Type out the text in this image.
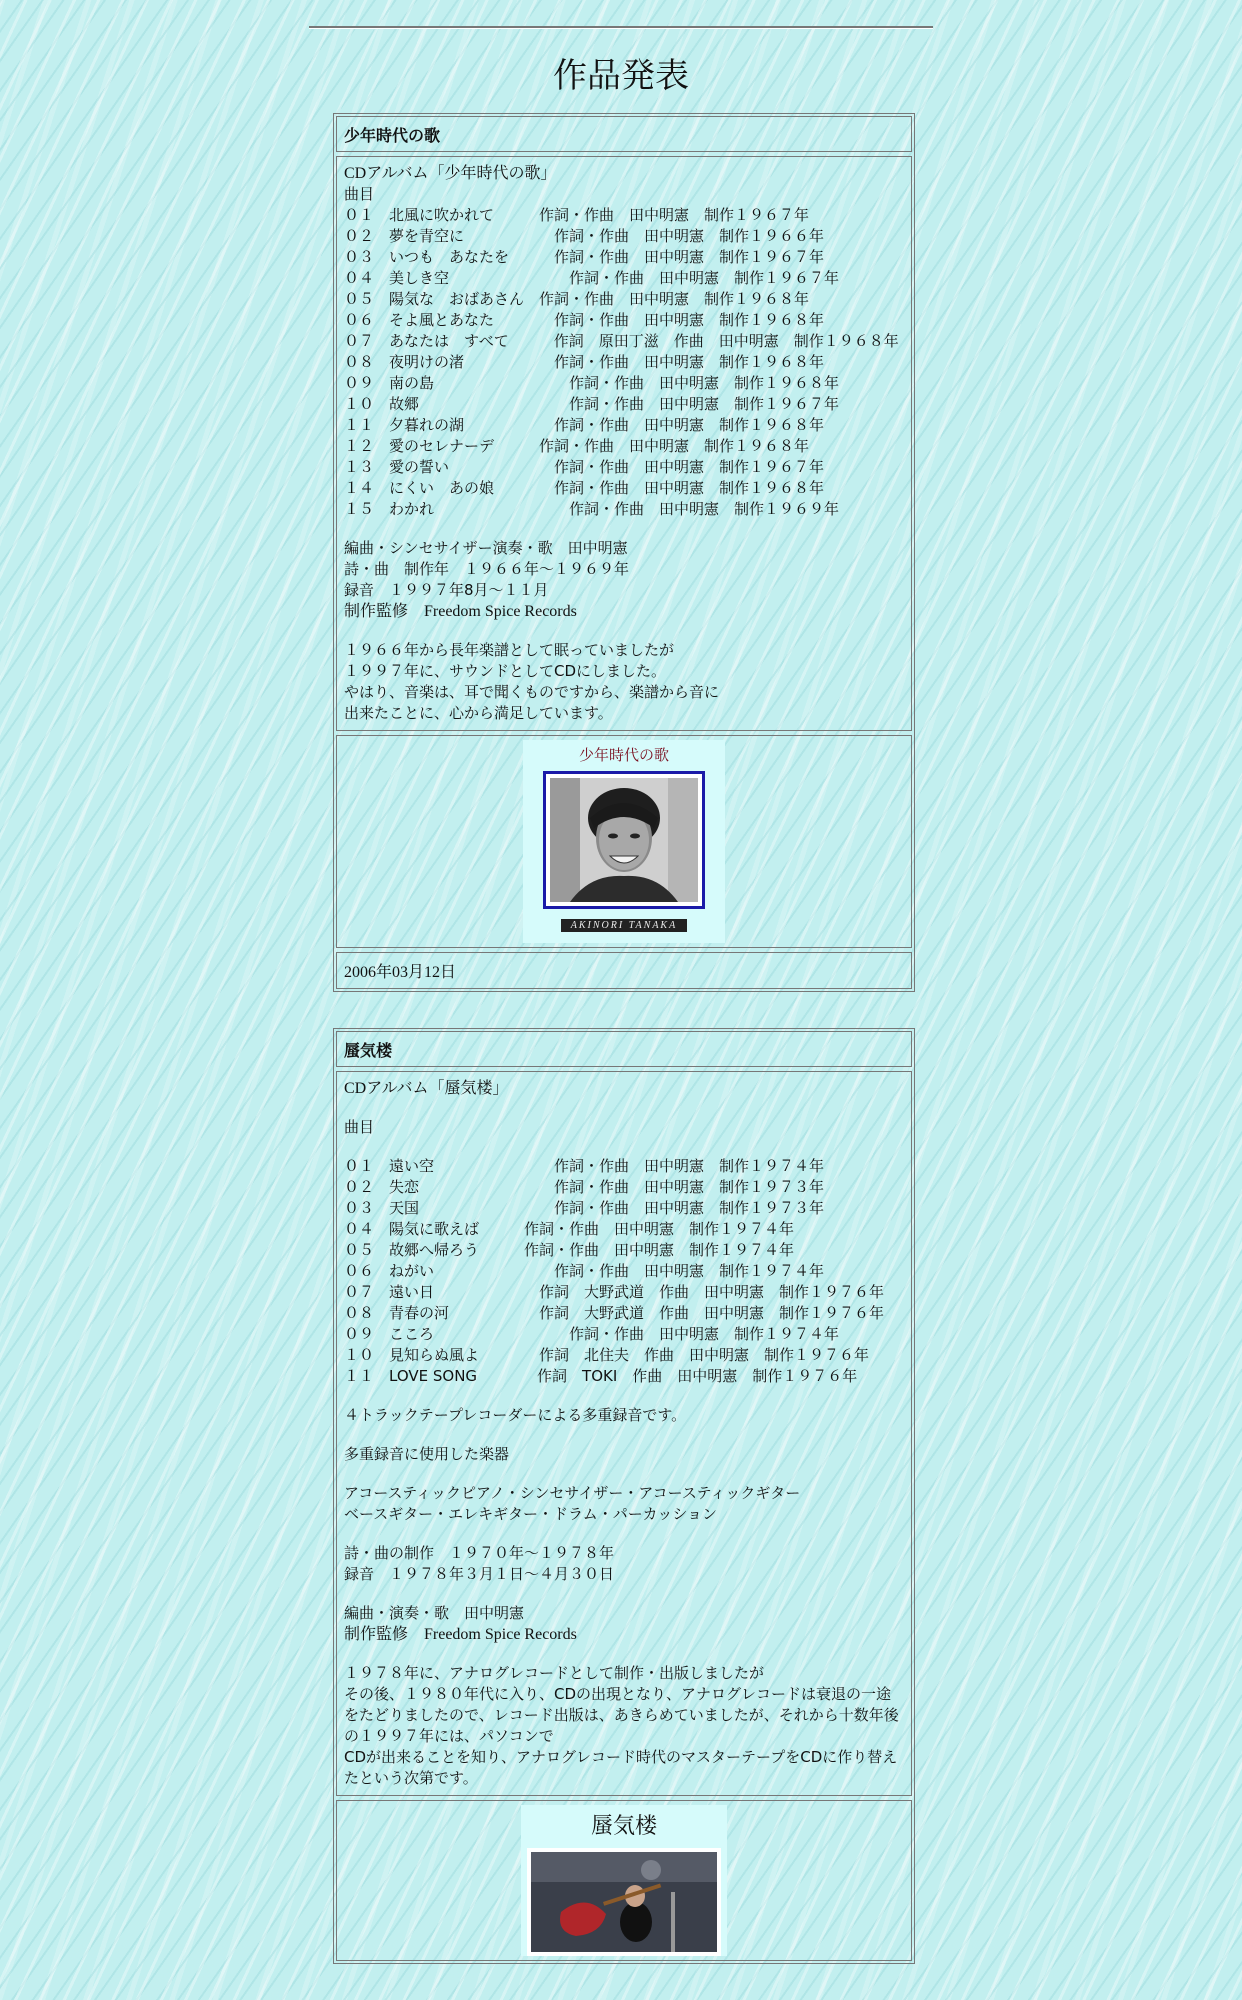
作品発表
少年時代の歌
CDアルバム「少年時代の歌」
曲目
０１　北風に吹かれて　　　作詞・作曲　田中明憲　制作１９６７年
０２　夢を青空に　　　　　　作詞・作曲　田中明憲　制作１９６６年
０３　いつも　あなたを　　　作詞・作曲　田中明憲　制作１９６７年
０４　美しき空　　　　　　　　作詞・作曲　田中明憲　制作１９６７年
０５　陽気な　おばあさん　作詞・作曲　田中明憲　制作１９６８年
０６　そよ風とあなた　　　　作詞・作曲　田中明憲　制作１９６８年
０７　あなたは　すべて　　　作詞　原田丁滋　作曲　田中明憲　制作１９６８年
０８　夜明けの渚　　　　　　作詞・作曲　田中明憲　制作１９６８年
０９　南の島　　　　　　　　　作詞・作曲　田中明憲　制作１９６８年
１０　故郷　　　　　　　　　　作詞・作曲　田中明憲　制作１９６７年
１１　夕暮れの湖　　　　　　作詞・作曲　田中明憲　制作１９６８年
１２　愛のセレナーデ　　　作詞・作曲　田中明憲　制作１９６８年
１３　愛の誓い　　　　　　　作詞・作曲　田中明憲　制作１９６７年
１４　にくい　あの娘　　　　作詞・作曲　田中明憲　制作１９６８年
１５　わかれ　　　　　　　　　作詞・作曲　田中明憲　制作１９６９年
編曲・シンセサイザー演奏・歌　田中明憲
詩・曲　制作年　１９６６年～１９６９年
録音　１９９７年8月～１１月
制作監修　Freedom Spice Records
１９６６年から長年楽譜として眠っていましたが
１９９７年に、サウンドとしてCDにしました。
やはり、音楽は、耳で聞くものですから、楽譜から音に
出来たことに、心から満足しています。
少年時代の歌
AKINORI TANAKA
2006年03月12日
蜃気楼
CDアルバム「蜃気楼」
曲目
０１　遠い空　　　　　　　　作詞・作曲　田中明憲　制作１９７４年
０２　失恋　　　　　　　　　作詞・作曲　田中明憲　制作１９７３年
０３　天国　　　　　　　　　作詞・作曲　田中明憲　制作１９７３年
０４　陽気に歌えば　　　作詞・作曲　田中明憲　制作１９７４年
０５　故郷へ帰ろう　　　作詞・作曲　田中明憲　制作１９７４年
０６　ねがい　　　　　　　　作詞・作曲　田中明憲　制作１９７４年
０７　遠い日　　　　　　　作詞　大野武道　作曲　田中明憲　制作１９７６年
０８　青春の河　　　　　　作詞　大野武道　作曲　田中明憲　制作１９７６年
０９　こころ　　　　　　　　　作詞・作曲　田中明憲　制作１９７４年
１０　見知らぬ風よ　　　　作詞　北住夫　作曲　田中明憲　制作１９７６年
１１　LOVE SONG　　　　作詞　TOKI　作曲　田中明憲　制作１９７６年
４トラックテープレコーダーによる多重録音です。
多重録音に使用した楽器
アコースティックピアノ・シンセサイザー・アコースティックギター
ベースギター・エレキギター・ドラム・パーカッション
詩・曲の制作　１９７０年～１９７８年
録音　１９７８年３月１日～４月３０日
編曲・演奏・歌　田中明憲
制作監修　Freedom Spice Records
１９７８年に、アナログレコードとして制作・出版しましたが
その後、１９８０年代に入り、CDの出現となり、アナログレコードは衰退の一途をたどりましたので、レコード出版は、あきらめていましたが、それから十数年後の１９９７年には、パソコンで
CDが出来ることを知り、アナログレコード時代のマスターテープをCDに作り替えたという次第です。
蜃気楼
